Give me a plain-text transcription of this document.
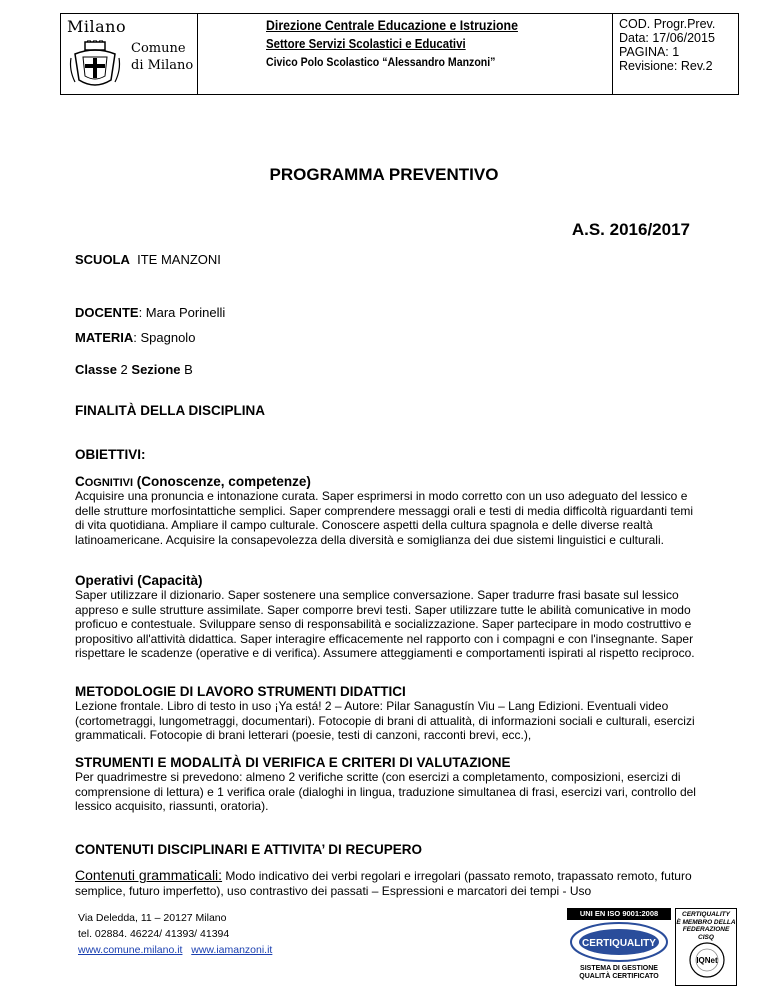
Milano
Comune
di Milano
Direzione Centrale Educazione e Istruzione
Settore Servizi Scolastici e Educativi
Civico Polo Scolastico “Alessandro Manzoni”
COD. Progr.Prev.
Data: 17/06/2015
PAGINA: 1
Revisione: Rev.2
PROGRAMMA PREVENTIVO
A.S. 2016/2017
SCUOLA ITE MANZONI
DOCENTE: Mara Porinelli
MATERIA: Spagnolo
Classe 2 Sezione B
FINALITÀ DELLA DISCIPLINA
OBIETTIVI:
COGNITIVI (Conoscenze, competenze)
Acquisire una pronuncia e intonazione curata. Saper esprimersi in modo corretto con un uso adeguato del lessico e delle strutture morfosintattiche semplici. Saper comprendere messaggi orali e testi di media difficoltà riguardanti temi di vita quotidiana. Ampliare il campo culturale. Conoscere aspetti della cultura spagnola e delle diverse realtà latinoamericane. Acquisire la consapevolezza della diversità e somiglianza dei due sistemi linguistici e culturali.
Operativi (Capacità)
Saper utilizzare il dizionario. Saper sostenere una semplice conversazione. Saper tradurre frasi basate sul lessico appreso e sulle strutture assimilate. Saper comporre brevi testi. Saper utilizzare tutte le abilità comunicative in modo proficuo e contestuale. Sviluppare senso di responsabilità e socializzazione. Saper partecipare in modo costruttivo e propositivo all'attività didattica. Saper interagire efficacemente nel rapporto con i compagni e con l'insegnante. Saper rispettare le scadenze (operative e di verifica). Assumere atteggiamenti e comportamenti ispirati al rispetto reciproco.
METODOLOGIE DI LAVORO STRUMENTI DIDATTICI
Lezione frontale. Libro di testo in uso ¡Ya está! 2 – Autore: Pilar Sanagustín Viu – Lang Edizioni. Eventuali video (cortometraggi, lungometraggi, documentari). Fotocopie di brani di attualità, di informazioni sociali e culturali, esercizi grammaticali. Fotocopie di brani letterari (poesie, testi di canzoni, racconti brevi, ecc.),
STRUMENTI E MODALITÀ DI VERIFICA E CRITERI DI VALUTAZIONE
Per quadrimestre si prevedono: almeno 2 verifiche scritte (con esercizi a completamento, composizioni, esercizi di comprensione di lettura) e 1 verifica orale (dialoghi in lingua, traduzione simultanea di frasi, esercizi vari, controllo del lessico acquisito, riassunti, oratoria).
CONTENUTI DISCIPLINARI E ATTIVITA’ DI RECUPERO
Contenuti grammaticali: Modo indicativo dei verbi regolari e irregolari (passato remoto, trapassato remoto, futuro semplice, futuro imperfetto), uso contrastivo dei passati – Espressioni e marcatori dei tempi - Uso
Via Deledda, 11 – 20127 Milano
tel. 02884. 46224/ 41393/ 41394
www.comune.milano.it www.iamanzoni.it
UNI EN ISO 9001:2008
CERTIQUALITY
SISTEMA DI GESTIONE
QUALITÀ CERTIFICATO
CERTIQUALITY
È MEMBRO DELLA
FEDERAZIONE CISQ
IQNet
